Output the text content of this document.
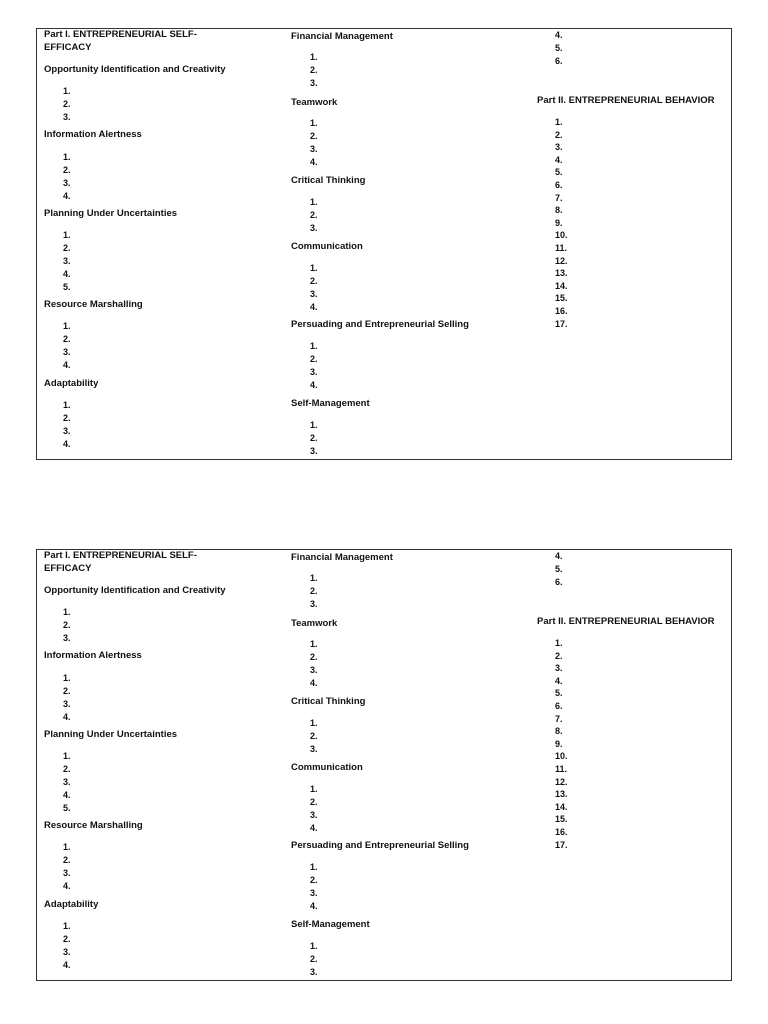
Part I. ENTREPRENEURIAL SELF-
EFFICACY
Part II. ENTREPRENEURIAL BEHAVIOR
Opportunity Identification and Creativity
1.
2.
3.
Information Alertness
1.
2.
3.
4.
Planning Under Uncertainties
1.
2.
3.
4.
5.
Resource Marshalling
1.
2.
3.
4.
Adaptability
1.
2.
3.
4.
Financial Management
1.
2.
3.
Teamwork
1.
2.
3.
4.
Critical Thinking
1.
2.
3.
Communication
1.
2.
3.
4.
Persuading and Entrepreneurial Selling
1.
2.
3.
4.
Self-Management
1.
2.
3.
4.
5.
6.
1.
2.
3.
4.
5.
6.
7.
8.
9.
10.
11.
12.
13.
14.
15.
16.
17.
Part I. ENTREPRENEURIAL SELF-
EFFICACY
Part II. ENTREPRENEURIAL BEHAVIOR
Opportunity Identification and Creativity
1.
2.
3.
Information Alertness
1.
2.
3.
4.
Planning Under Uncertainties
1.
2.
3.
4.
5.
Resource Marshalling
1.
2.
3.
4.
Adaptability
1.
2.
3.
4.
Financial Management
1.
2.
3.
Teamwork
1.
2.
3.
4.
Critical Thinking
1.
2.
3.
Communication
1.
2.
3.
4.
Persuading and Entrepreneurial Selling
1.
2.
3.
4.
Self-Management
1.
2.
3.
4.
5.
6.
1.
2.
3.
4.
5.
6.
7.
8.
9.
10.
11.
12.
13.
14.
15.
16.
17.
